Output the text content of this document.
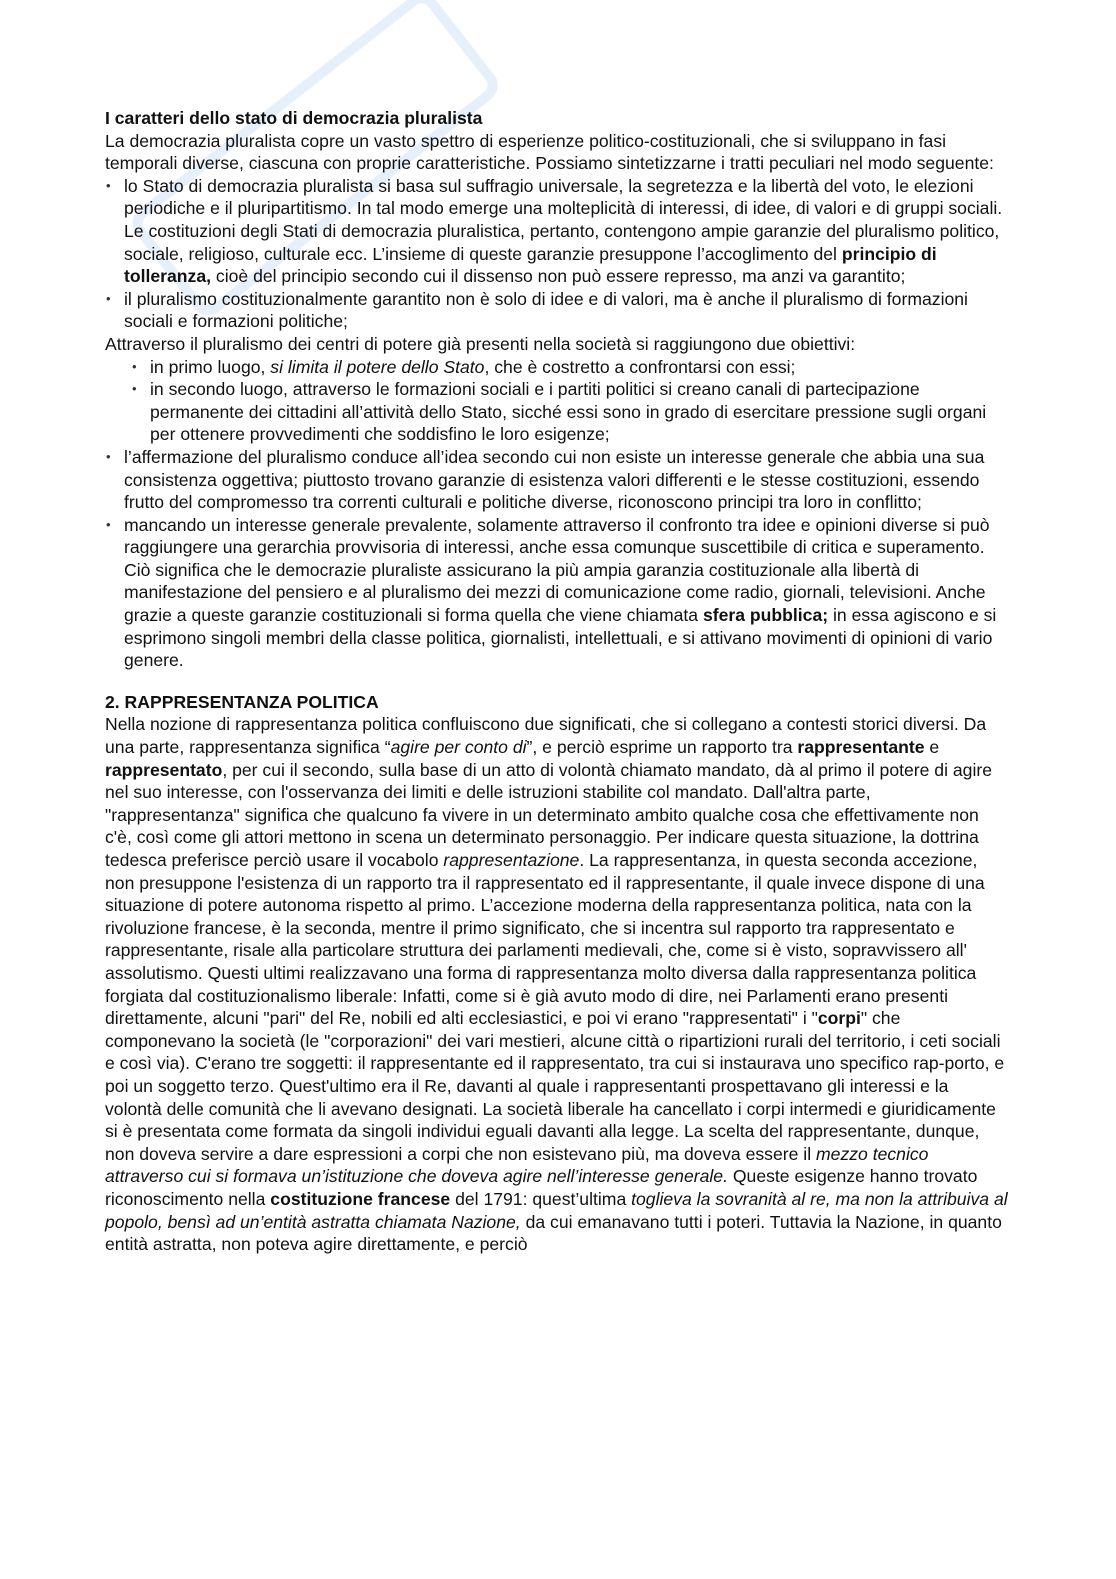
I caratteri dello stato di democrazia pluralista

La democrazia pluralista copre un vasto spettro di esperienze politico-costituzionali, che si sviluppano in fasi temporali diverse, ciascuna con proprie caratteristiche. Possiamo sintetizzarne i tratti peculiari nel modo seguente:

• lo Stato di democrazia pluralista si basa sul suffragio universale, la segretezza e la libertà del voto, le elezioni periodiche e il pluripartitismo. In tal modo emerge una molteplicità di interessi, di idee, di valori e di gruppi sociali. Le costituzioni degli Stati di democrazia pluralistica, pertanto, contengono ampie garanzie del pluralismo politico, sociale, religioso, culturale ecc. L’insieme di queste garanzie presuppone l’accoglimento del principio di tolleranza, cioè del principio secondo cui il dissenso non può essere represso, ma anzi va garantito;
• il pluralismo costituzionalmente garantito non è solo di idee e di valori, ma è anche il pluralismo di formazioni sociali e formazioni politiche;

Attraverso il pluralismo dei centri di potere già presenti nella società si raggiungono due obiettivi:

• in primo luogo, si limita il potere dello Stato, che è costretto a confrontarsi con essi;
• in secondo luogo, attraverso le formazioni sociali e i partiti politici si creano canali di partecipazione permanente dei cittadini all’attività dello Stato, sicché essi sono in grado di esercitare pressione sugli organi per ottenere provvedimenti che soddisfino le loro esigenze;
• l’affermazione del pluralismo conduce all’idea secondo cui non esiste un interesse generale che abbia una sua consistenza oggettiva; piuttosto trovano garanzie di esistenza valori differenti e le stesse costituzioni, essendo frutto del compromesso tra correnti culturali e politiche diverse, riconoscono principi tra loro in conflitto;
• mancando un interesse generale prevalente, solamente attraverso il confronto tra idee e opinioni diverse si può raggiungere una gerarchia provvisoria di interessi, anche essa comunque suscettibile di critica e superamento. Ciò significa che le democrazie pluraliste assicurano la più ampia garanzia costituzionale alla libertà di manifestazione del pensiero e al pluralismo dei mezzi di comunicazione come radio, giornali, televisioni. Anche grazie a queste garanzie costituzionali si forma quella che viene chiamata sfera pubblica; in essa agiscono e si esprimono singoli membri della classe politica, giornalisti, intellettuali, e si attivano movimenti di opinioni di vario genere.
2. RAPPRESENTANZA POLITICA

Nella nozione di rappresentanza politica confluiscono due significati, che si collegano a contesti storici diversi. Da una parte, rappresentanza significa “agire per conto di”, e perciò esprime un rapporto tra rappresentante e rappresentato, per cui il secondo, sulla base di un atto di volontà chiamato mandato, dà al primo il potere di agire nel suo interesse, con l'osservanza dei limiti e delle istruzioni stabilite col mandato. Dall'altra parte, "rappresentanza" significa che qualcuno fa vivere in un determinato ambito qualche cosa che effettivamente non c'è, così come gli attori mettono in scena un determinato personaggio. Per indicare questa situazione, la dottrina tedesca preferisce perciò usare il vocabolo rappresentazione. La rappresentanza, in questa seconda accezione, non presuppone l'esistenza di un rapporto tra il rappresentato ed il rappresentante, il quale invece dispone di una situazione di potere autonoma rispetto al primo. L’accezione moderna della rappresentanza politica, nata con la rivoluzione francese, è la seconda, mentre il primo significato, che si incentra sul rapporto tra rappresentato e rappresentante, risale alla particolare struttura dei parlamenti medievali, che, come si è visto, sopravvissero all' assolutismo. Questi ultimi realizzavano una forma di rappresentanza molto diversa dalla rappresentanza politica forgiata dal costituzionalismo liberale: Infatti, come si è già avuto modo di dire, nei Parlamenti erano presenti direttamente, alcuni "pari" del Re, nobili ed alti ecclesiastici, e poi vi erano "rappresentati" i "corpi" che componevano la società (le "corporazioni" dei vari mestieri, alcune città o ripartizioni rurali del territorio, i ceti sociali e così via). C'erano tre soggetti: il rappresentante ed il rappresentato, tra cui si instaurava uno specifico rap-porto, e poi un soggetto terzo. Quest'ultimo era il Re, davanti al quale i rappresentanti prospettavano gli interessi e la volontà delle comunità che li avevano designati. La società liberale ha cancellato i corpi intermedi e giuridicamente si è presentata come formata da singoli individui eguali davanti alla legge. La scelta del rappresentante, dunque, non doveva servire a dare espressioni a corpi che non esistevano più, ma doveva essere il mezzo tecnico attraverso cui si formava un’istituzione che doveva agire nell’interesse generale. Queste esigenze hanno trovato riconoscimento nella costituzione francese del 1791: quest’ultima toglieva la sovranità al re, ma non la attribuiva al popolo, bensì ad un’entità astratta chiamata Nazione, da cui emanavano tutti i poteri. Tuttavia la Nazione, in quanto entità astratta, non poteva agire direttamente, e perciò
